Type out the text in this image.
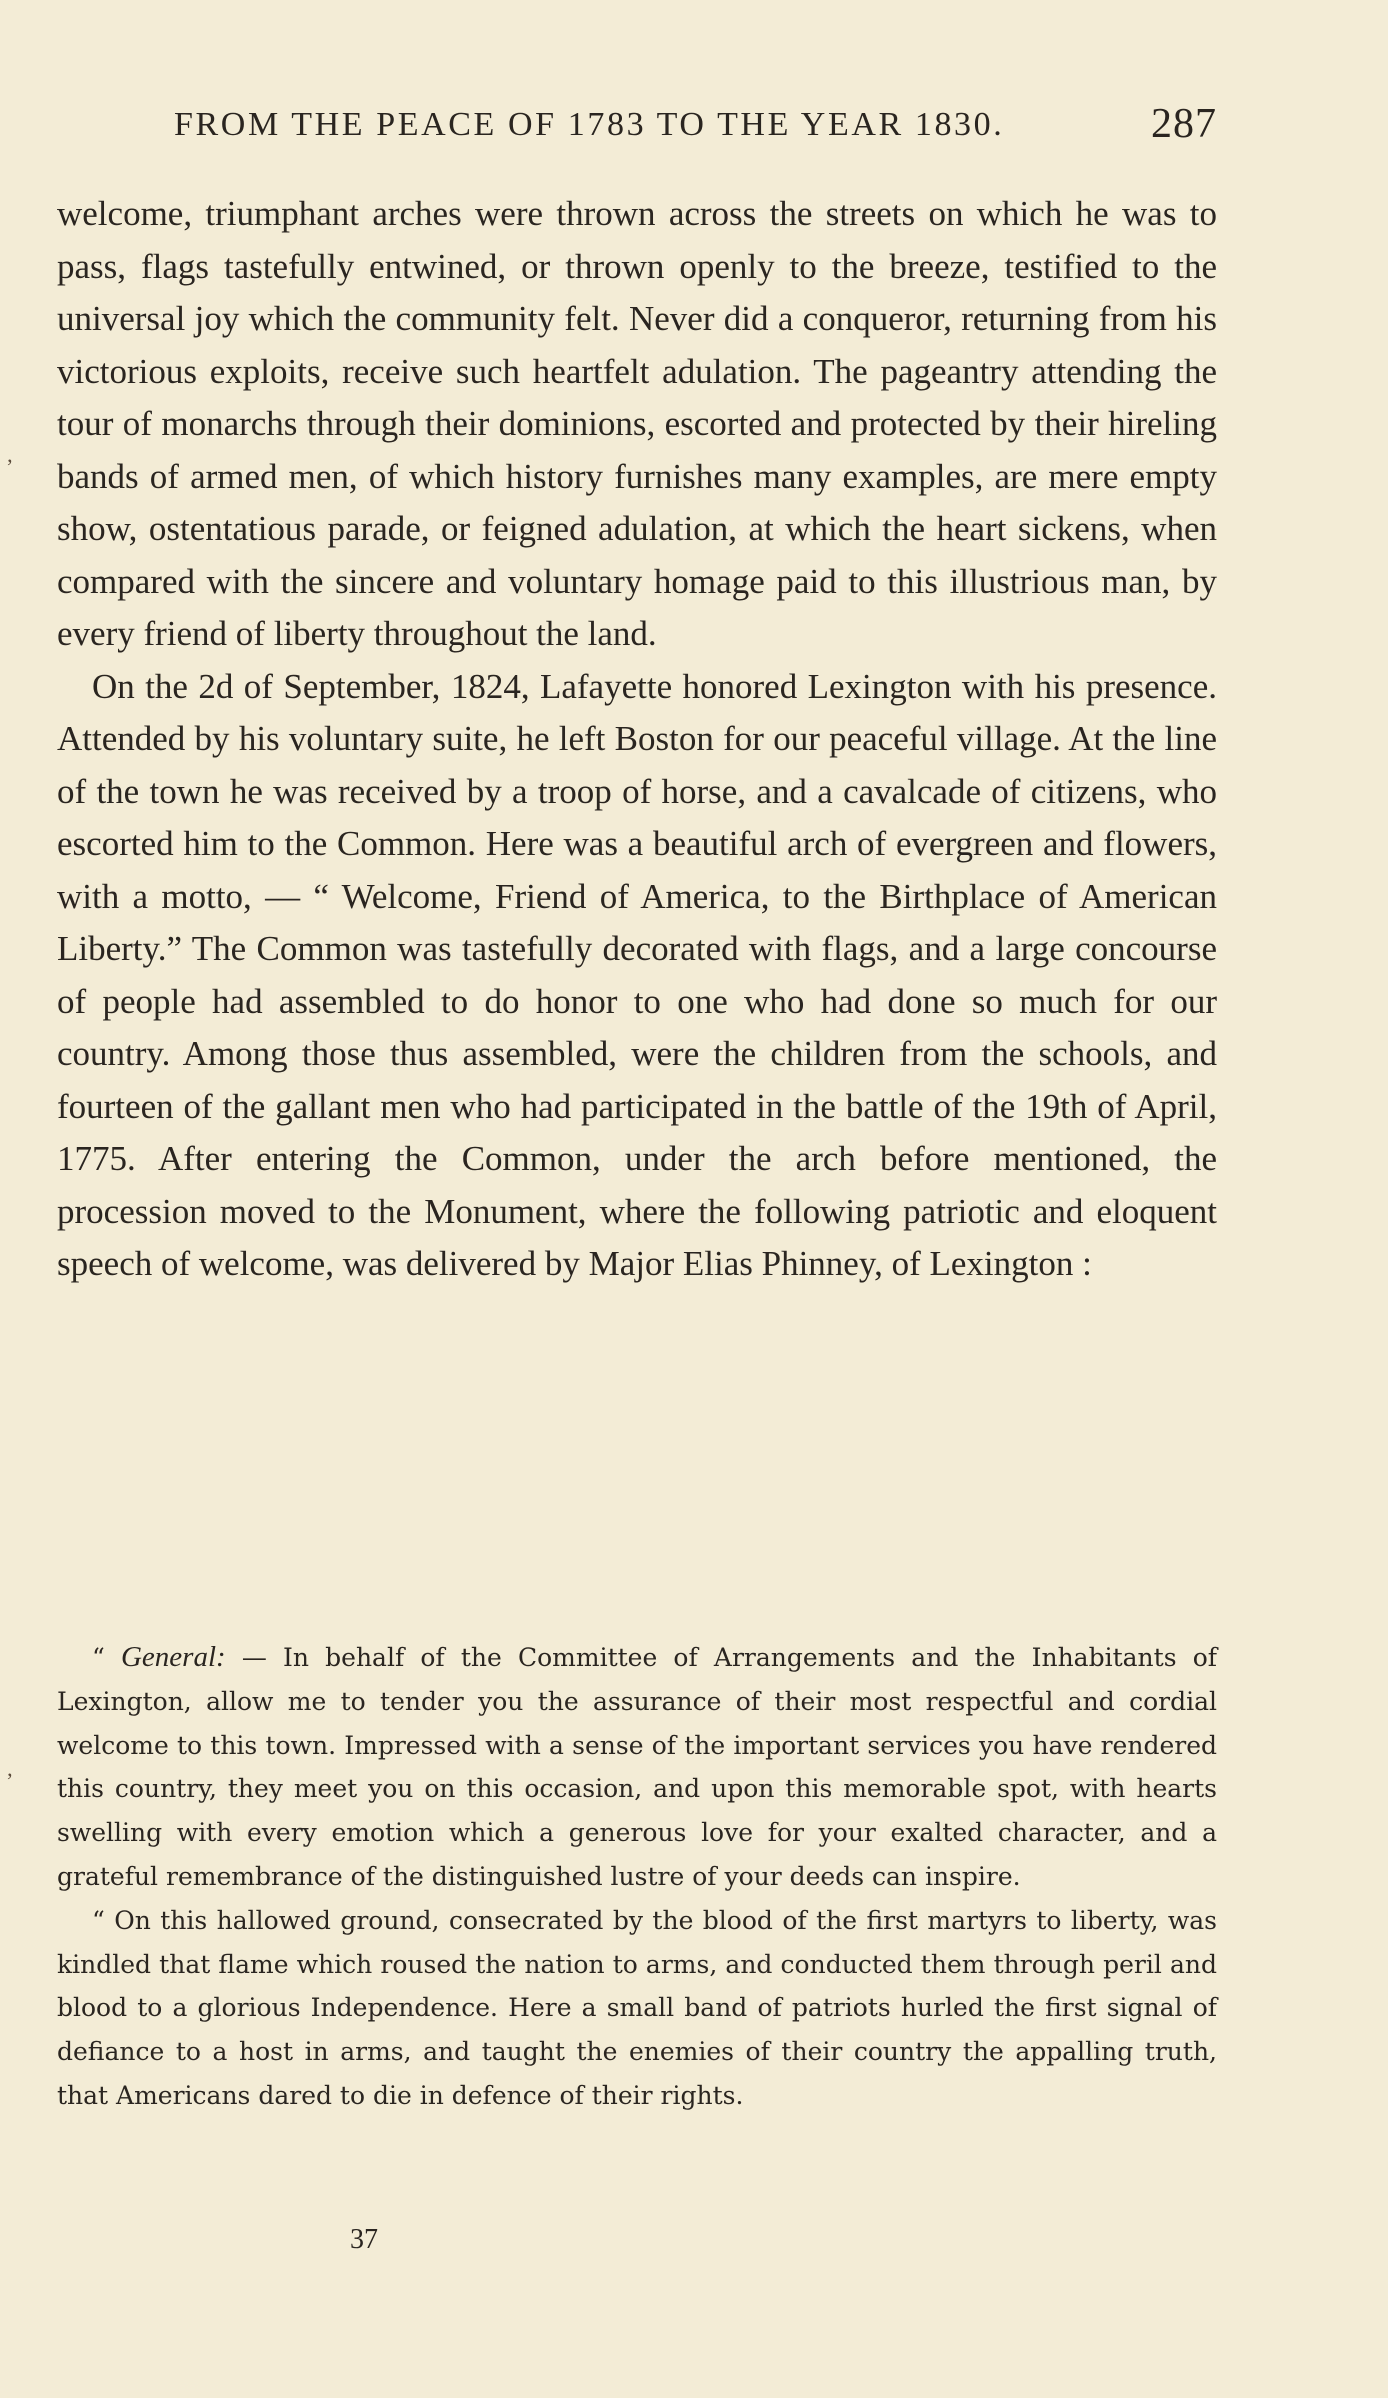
FROM THE PEACE OF 1783 TO THE YEAR 1830.	287

welcome, triumphant arches were thrown across the streets on which he was to pass, flags tastefully entwined, or thrown openly to the breeze, testified to the universal joy which the community felt. Never did a conqueror, returning from his victorious exploits, receive such heartfelt adulation. The pageantry attending the tour of monarchs through their dominions, escorted and protected by their hireling bands of armed men, of which history furnishes many examples, are mere empty show, ostentatious parade, or feigned adulation, at which the heart sickens, when compared with the sincere and voluntary homage paid to this illustrious man, by every friend of liberty throughout the land.

On the 2d of September, 1824, Lafayette honored Lexington with his presence. Attended by his voluntary suite, he left Boston for our peaceful village. At the line of the town he was received by a troop of horse, and a cavalcade of citizens, who escorted him to the Common. Here was a beautiful arch of evergreen and flowers, with a motto, — “ Welcome, Friend of America, to the Birthplace of American Liberty.” The Common was tastefully decorated with flags, and a large concourse of people had assembled to do honor to one who had done so much for our country. Among those thus assembled, were the children from the schools, and fourteen of the gallant men who had participated in the battle of the 19th of April, 1775. After entering the Common, under the arch before mentioned, the procession moved to the Monument, where the following patriotic and eloquent speech of welcome, was delivered by Major Elias Phinney, of Lexington :

“ General: — In behalf of the Committee of Arrangements and the Inhabitants of Lexington, allow me to tender you the assurance of their most respectful and cordial welcome to this town. Impressed with a sense of the important services you have rendered this country, they meet you on this occasion, and upon this memorable spot, with hearts swelling with every emotion which a generous love for your exalted character, and a grateful remembrance of the distinguished lustre of your deeds can inspire.

“ On this hallowed ground, consecrated by the blood of the first martyrs to liberty, was kindled that flame which roused the nation to arms, and conducted them through peril and blood to a glorious Independence. Here a small band of patriots hurled the first signal of defiance to a host in arms, and taught the enemies of their country the appalling truth, that Americans dared to die in defence of their rights.

37
’
’
